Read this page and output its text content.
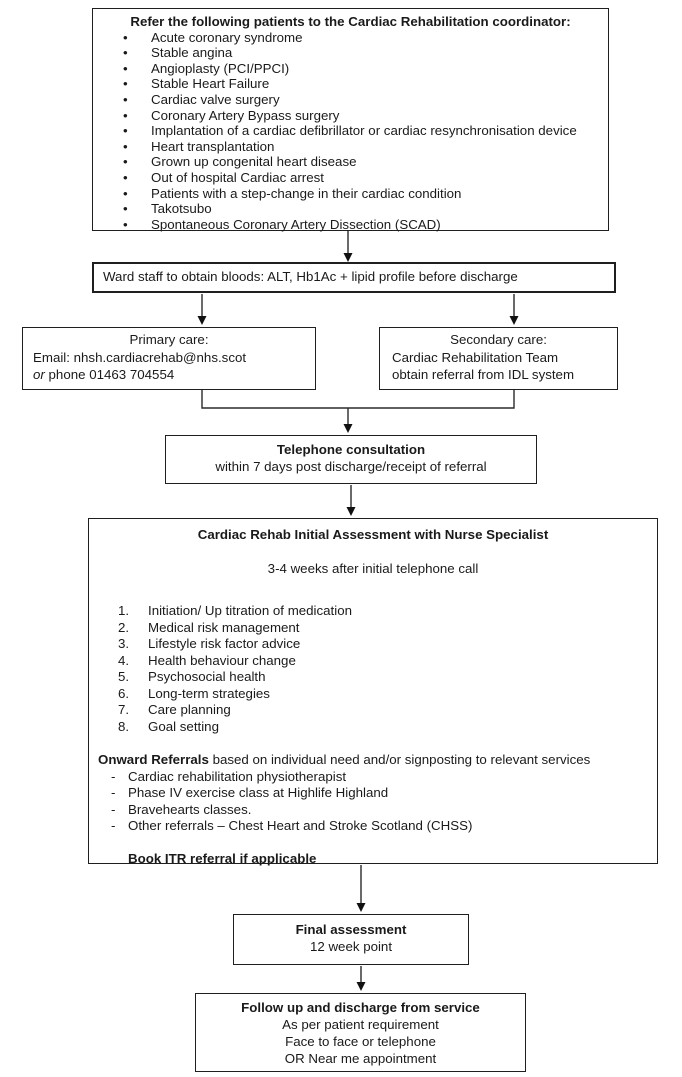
Refer the following patients to the Cardiac Rehabilitation coordinator:
• Acute coronary syndrome
• Stable angina
• Angioplasty (PCI/PPCI)
• Stable Heart Failure
• Cardiac valve surgery
• Coronary Artery Bypass surgery
• Implantation of a cardiac defibrillator or cardiac resynchronisation device
• Heart transplantation
• Grown up congenital heart disease
• Out of hospital Cardiac arrest
• Patients with a step-change in their cardiac condition
• Takotsubo
• Spontaneous Coronary Artery Dissection (SCAD)
Ward staff to obtain bloods: ALT, Hb1Ac + lipid profile before discharge
Primary care:
Email: nhsh.cardiacrehab@nhs.scot
or phone 01463 704554
Secondary care:
Cardiac Rehabilitation Team
obtain referral from IDL system
Telephone consultation
within 7 days post discharge/receipt of referral
Cardiac Rehab Initial Assessment with Nurse Specialist
3-4 weeks after initial telephone call
Initiation/ Up titration of medication
Medical risk management
Lifestyle risk factor advice
Health behaviour change
Psychosocial health
Long-term strategies
Care planning
Goal setting
Onward Referrals based on individual need and/or signposting to relevant services
- Cardiac rehabilitation physiotherapist
- Phase IV exercise class at Highlife Highland
- Bravehearts classes.
- Other referrals – Chest Heart and Stroke Scotland (CHSS)
Book ITR referral if applicable
Final assessment
12 week point
Follow up and discharge from service
As per patient requirement
Face to face or telephone
OR Near me appointment
